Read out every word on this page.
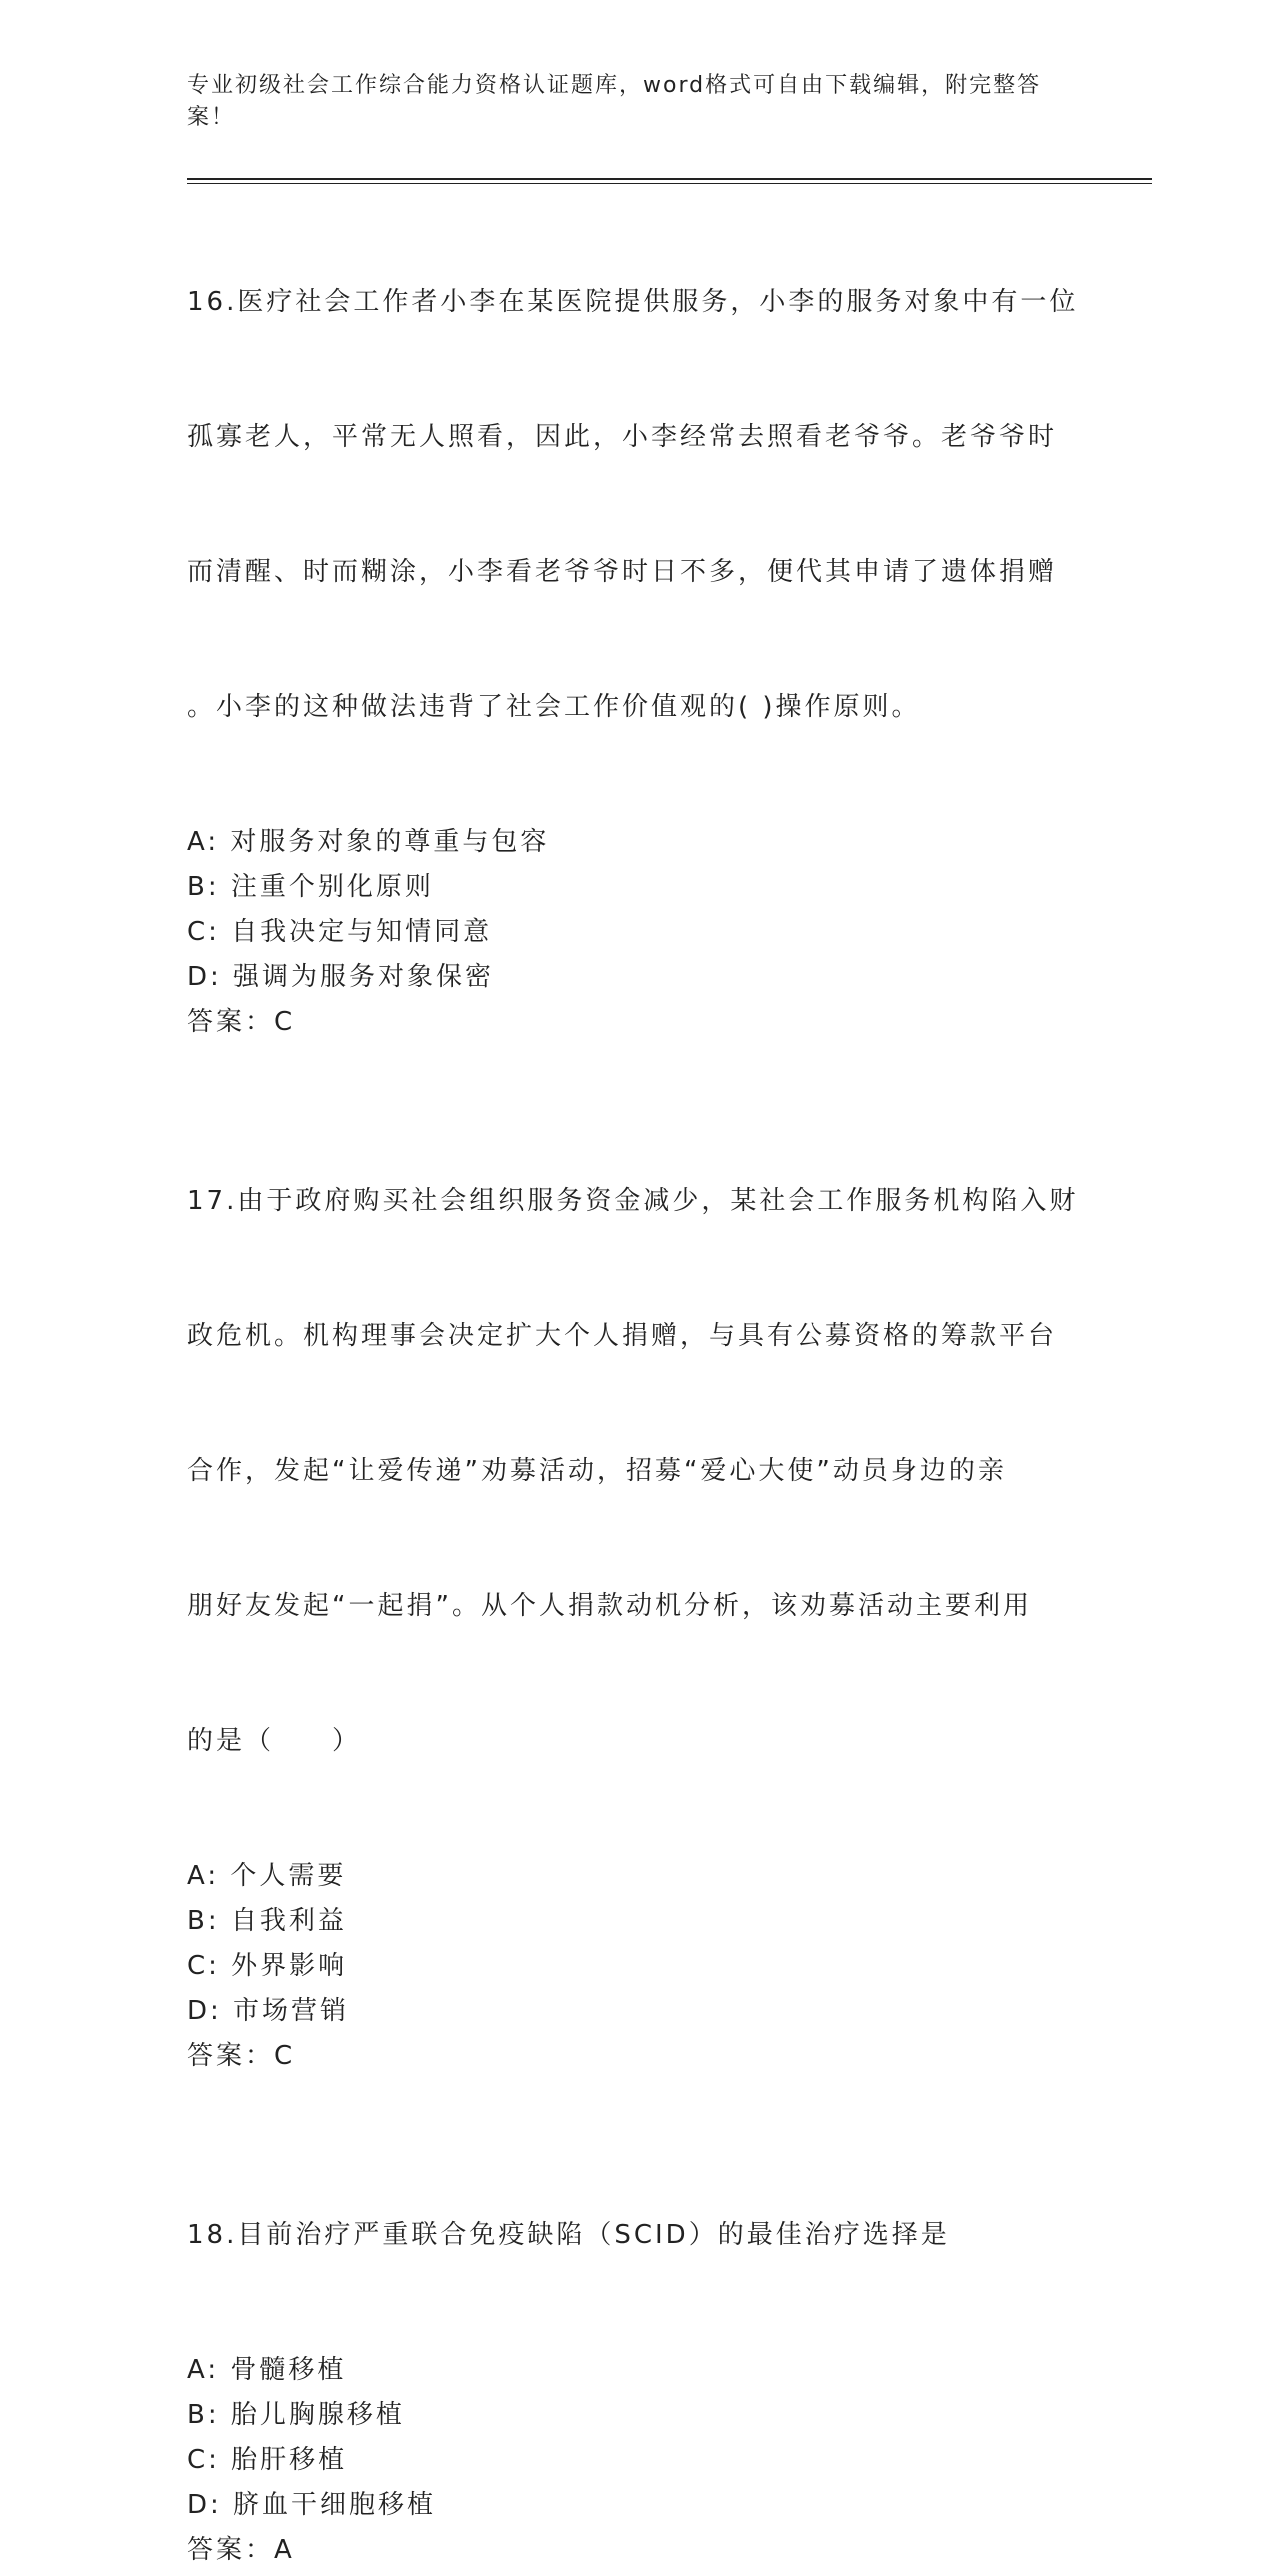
专业初级社会工作综合能力资格认证题库，word格式可自由下载编辑，附完整答
案！

16.医疗社会工作者小李在某医院提供服务，小李的服务对象中有一位

孤寡老人，平常无人照看，因此，小李经常去照看老爷爷。老爷爷时

而清醒、时而糊涂，小李看老爷爷时日不多，便代其申请了遗体捐赠

。小李的这种做法违背了社会工作价值观的( )操作原则。

A: 对服务对象的尊重与包容
B: 注重个别化原则
C: 自我决定与知情同意
D: 强调为服务对象保密
答案：C

17.由于政府购买社会组织服务资金减少，某社会工作服务机构陷入财

政危机。机构理事会决定扩大个人捐赠，与具有公募资格的筹款平台

合作，发起“让爱传递”劝募活动，招募“爱心大使”动员身边的亲

朋好友发起“一起捐”。从个人捐款动机分析，该劝募活动主要利用

的是（　　）

A: 个人需要
B: 自我利益
C: 外界影响
D: 市场营销
答案：C

18.目前治疗严重联合免疫缺陷（SCID）的最佳治疗选择是

A: 骨髓移植
B: 胎儿胸腺移植
C: 胎肝移植
D: 脐血干细胞移植
答案：A
